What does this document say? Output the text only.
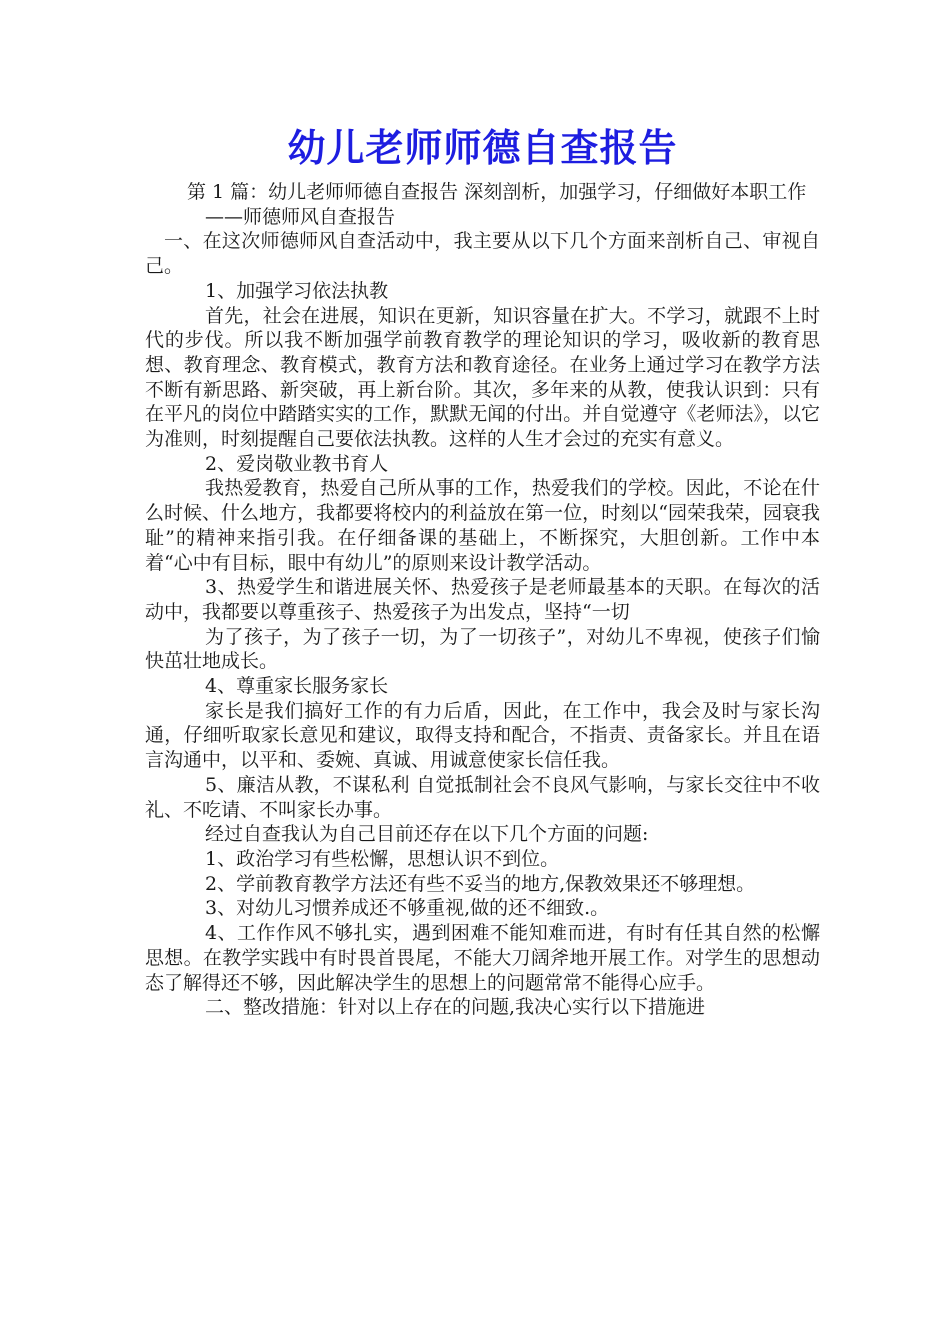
幼儿老师师德自查报告

第 1 篇：幼儿老师师德自查报告 深刻剖析，加强学习，仔细做好本职工作

——师德师风自查报告

一、在这次师德师风自查活动中，我主要从以下几个方面来剖析自己、审视自己。

1、加强学习依法执教

首先，社会在进展，知识在更新，知识容量在扩大。不学习，就跟不上时代的步伐。所以我不断加强学前教育教学的理论知识的学习，吸收新的教育思想、教育理念、教育模式，教育方法和教育途径。在业务上通过学习在教学方法不断有新思路、新突破，再上新台阶。其次，多年来的从教，使我认识到：只有在平凡的岗位中踏踏实实的工作，默默无闻的付出。并自觉遵守《老师法》，以它为准则，时刻提醒自己要依法执教。这样的人生才会过的充实有意义。

2、爱岗敬业教书育人

我热爱教育，热爱自己所从事的工作，热爱我们的学校。因此，不论在什么时候、什么地方，我都要将校内的利益放在第一位，时刻以“园荣我荣，园衰我耻”的精神来指引我。在仔细备课的基础上，不断探究，大胆创新。工作中本着“心中有目标，眼中有幼儿”的原则来设计教学活动。

3、热爱学生和谐进展关怀、热爱孩子是老师最基本的天职。在每次的活动中，我都要以尊重孩子、热爱孩子为出发点，坚持“一切

为了孩子，为了孩子一切，为了一切孩子”，对幼儿不卑视，使孩子们愉快茁壮地成长。

4、尊重家长服务家长

家长是我们搞好工作的有力后盾，因此，在工作中，我会及时与家长沟通，仔细听取家长意见和建议，取得支持和配合，不指责、责备家长。并且在语言沟通中，以平和、委婉、真诚、用诚意使家长信任我。

5、廉洁从教，不谋私利 自觉抵制社会不良风气影响，与家长交往中不收礼、不吃请、不叫家长办事。

经过自查我认为自己目前还存在以下几个方面的问题:

1、政治学习有些松懈，思想认识不到位。

2、学前教育教学方法还有些不妥当的地方,保教效果还不够理想。

3、对幼儿习惯养成还不够重视,做的还不细致.。

4、工作作风不够扎实，遇到困难不能知难而进，有时有任其自然的松懈思想。在教学实践中有时畏首畏尾，不能大刀阔斧地开展工作。对学生的思想动态了解得还不够，因此解决学生的思想上的问题常常不能得心应手。

二、整改措施：针对以上存在的问题,我决心实行以下措施进
